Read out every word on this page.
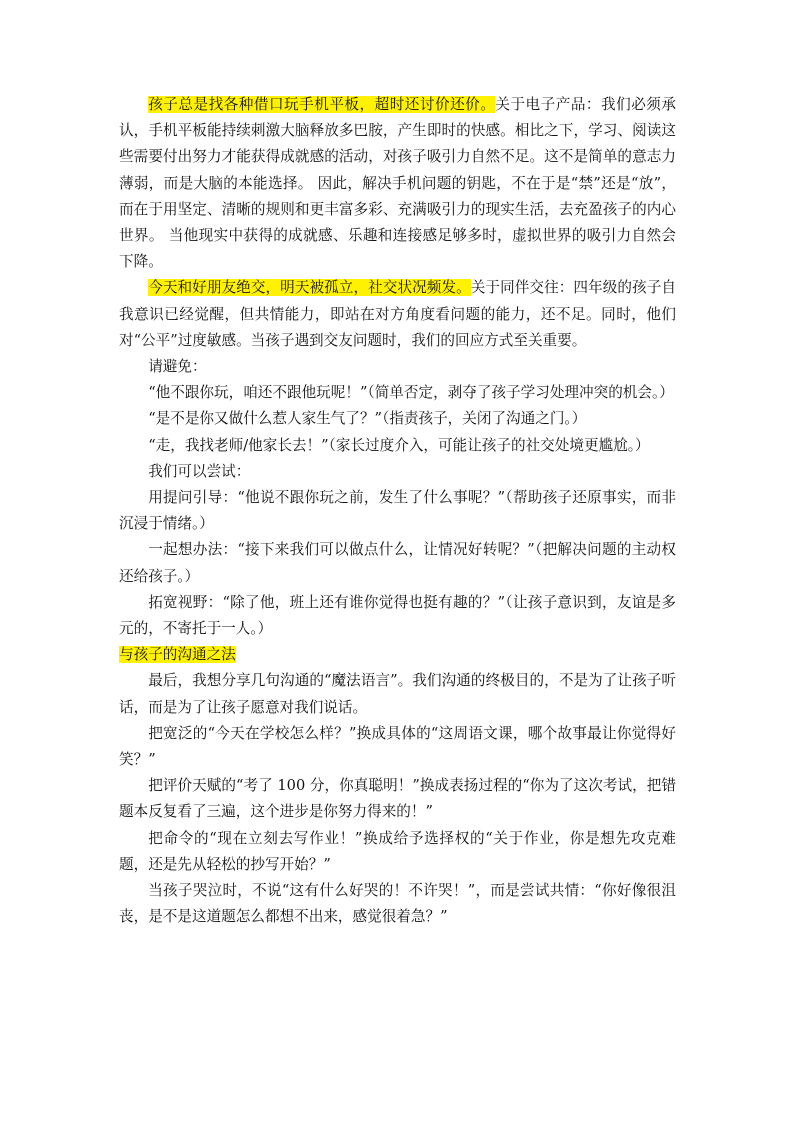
孩子总是找各种借口玩手机平板，超时还讨价还价。关于电子产品：我们必须承认，手机平板能持续刺激大脑释放多巴胺，产生即时的快感。相比之下，学习、阅读这些需要付出努力才能获得成就感的活动，对孩子吸引力自然不足。这不是简单的意志力薄弱，而是大脑的本能选择。 因此，解决手机问题的钥匙，不在于是“禁”还是“放”，而在于用坚定、清晰的规则和更丰富多彩、充满吸引力的现实生活，去充盈孩子的内心世界。 当他现实中获得的成就感、乐趣和连接感足够多时，虚拟世界的吸引力自然会下降。

今天和好朋友绝交，明天被孤立，社交状况频发。关于同伴交往：四年级的孩子自我意识已经觉醒，但共情能力，即站在对方角度看问题的能力，还不足。同时，他们对“公平”过度敏感。当孩子遇到交友问题时，我们的回应方式至关重要。

请避免：

“他不跟你玩，咱还不跟他玩呢！”（简单否定，剥夺了孩子学习处理冲突的机会。）

“是不是你又做什么惹人家生气了？”（指责孩子，关闭了沟通之门。）

“走，我找老师/他家长去！”（家长过度介入，可能让孩子的社交处境更尴尬。）

我们可以尝试：

用提问引导：“他说不跟你玩之前，发生了什么事呢？”（帮助孩子还原事实，而非沉浸于情绪。）

一起想办法：“接下来我们可以做点什么，让情况好转呢？”（把解决问题的主动权还给孩子。）

拓宽视野：“除了他，班上还有谁你觉得也挺有趣的？”（让孩子意识到，友谊是多元的，不寄托于一人。）

与孩子的沟通之法

最后，我想分享几句沟通的“魔法语言”。我们沟通的终极目的，不是为了让孩子听话，而是为了让孩子愿意对我们说话。

把宽泛的“今天在学校怎么样？”换成具体的“这周语文课，哪个故事最让你觉得好笑？”

把评价天赋的“考了 100 分，你真聪明！”换成表扬过程的“你为了这次考试，把错题本反复看了三遍，这个进步是你努力得来的！”

把命令的“现在立刻去写作业！”换成给予选择权的“关于作业，你是想先攻克难题，还是先从轻松的抄写开始？”

当孩子哭泣时，不说“这有什么好哭的！不许哭！”，而是尝试共情：“你好像很沮丧，是不是这道题怎么都想不出来，感觉很着急？”
